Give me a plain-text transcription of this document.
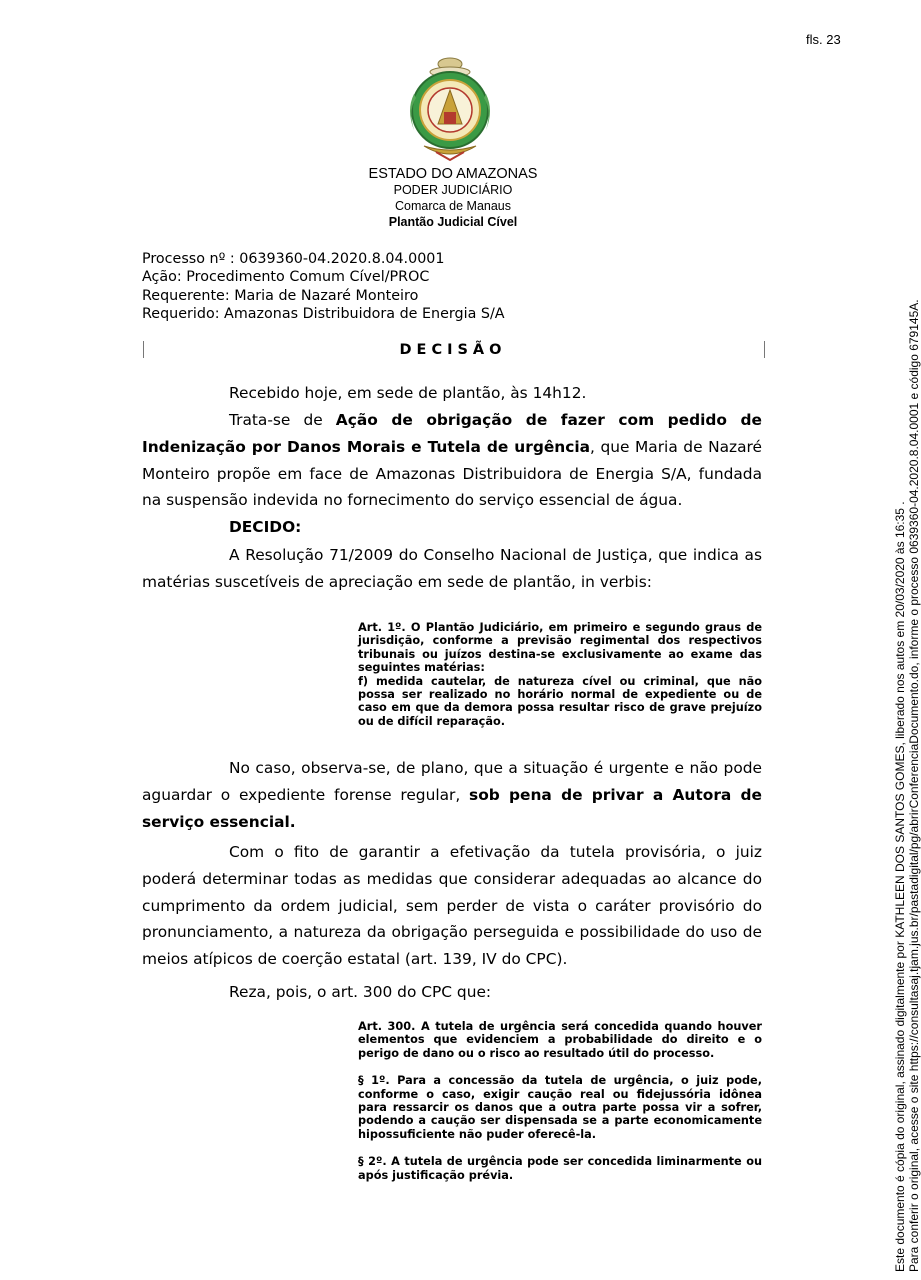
fls. 23
ESTADO DO AMAZONAS
PODER JUDICIÁRIO
Comarca de Manaus
Plantão Judicial Cível
Processo nº : 0639360-04.2020.8.04.0001
Ação: Procedimento Comum Cível/PROC
Requerente: Maria de Nazaré Monteiro
Requerido: Amazonas Distribuidora de Energia S/A
DECISÃO

Recebido hoje, em sede de plantão, às 14h12.

Trata-se de Ação de obrigação de fazer com pedido de Indenização por Danos Morais e Tutela de urgência, que Maria de Nazaré Monteiro propõe em face de Amazonas Distribuidora de Energia S/A, fundada na suspensão indevida no fornecimento do serviço essencial de água.

DECIDO:

A Resolução 71/2009 do Conselho Nacional de Justiça, que indica as matérias suscetíveis de apreciação em sede de plantão, in verbis:

Art. 1º. O Plantão Judiciário, em primeiro e segundo graus de jurisdição, conforme a previsão regimental dos respectivos tribunais ou juízos destina-se exclusivamente ao exame das seguintes matérias:
f) medida cautelar, de natureza cível ou criminal, que não possa ser realizado no horário normal de expediente ou de caso em que da demora possa resultar risco de grave prejuízo ou de difícil reparação.

No caso, observa-se, de plano, que a situação é urgente e não pode aguardar o expediente forense regular, sob pena de privar a Autora de serviço essencial.

Com o fito de garantir a efetivação da tutela provisória, o juiz poderá determinar todas as medidas que considerar adequadas ao alcance do cumprimento da ordem judicial, sem perder de vista o caráter provisório do pronunciamento, a natureza da obrigação perseguida e possibilidade do uso de meios atípicos de coerção estatal (art. 139, IV do CPC).

Reza, pois, o art. 300 do CPC que:

Art. 300. A tutela de urgência será concedida quando houver elementos que evidenciem a probabilidade do direito e o perigo de dano ou o risco ao resultado útil do processo.
§ 1º. Para a concessão da tutela de urgência, o juiz pode, conforme o caso, exigir caução real ou fidejussória idônea para ressarcir os danos que a outra parte possa vir a sofrer, podendo a caução ser dispensada se a parte economicamente hipossuficiente não puder oferecê-la.
§ 2º. A tutela de urgência pode ser concedida liminarmente ou após justificação prévia.	Este documento é cópia do original, assinado digitalmente por KATHLEEN DOS SANTOS GOMES, liberado nos autos em 20/03/2020 às 16:35 . Para conferir o original, acesse o site https://consultasaj.tjam.jus.br/pastadigital/pg/abrirConferenciaDocumento.do, informe o processo 0639360-04.2020.8.04.0001 e código 679145A.
